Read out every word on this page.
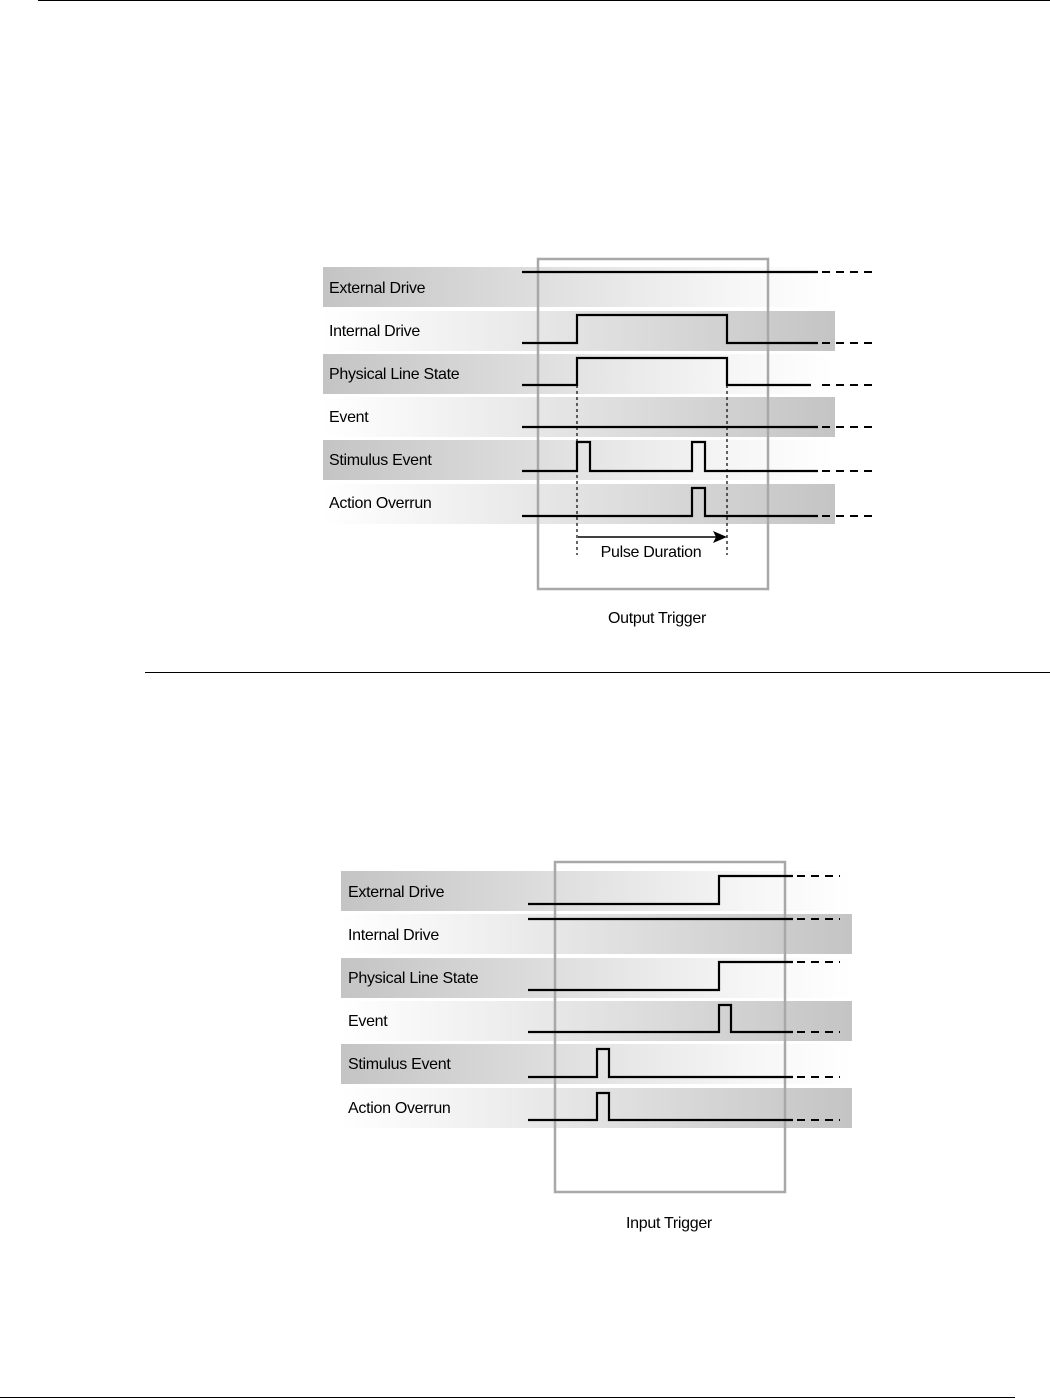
External Drive
Internal Drive
Physical Line State
Event
Stimulus Event
Action Overrun
Pulse Duration
Output Trigger
External Drive
Internal Drive
Physical Line State
Event
Stimulus Event
Action Overrun
Input Trigger
